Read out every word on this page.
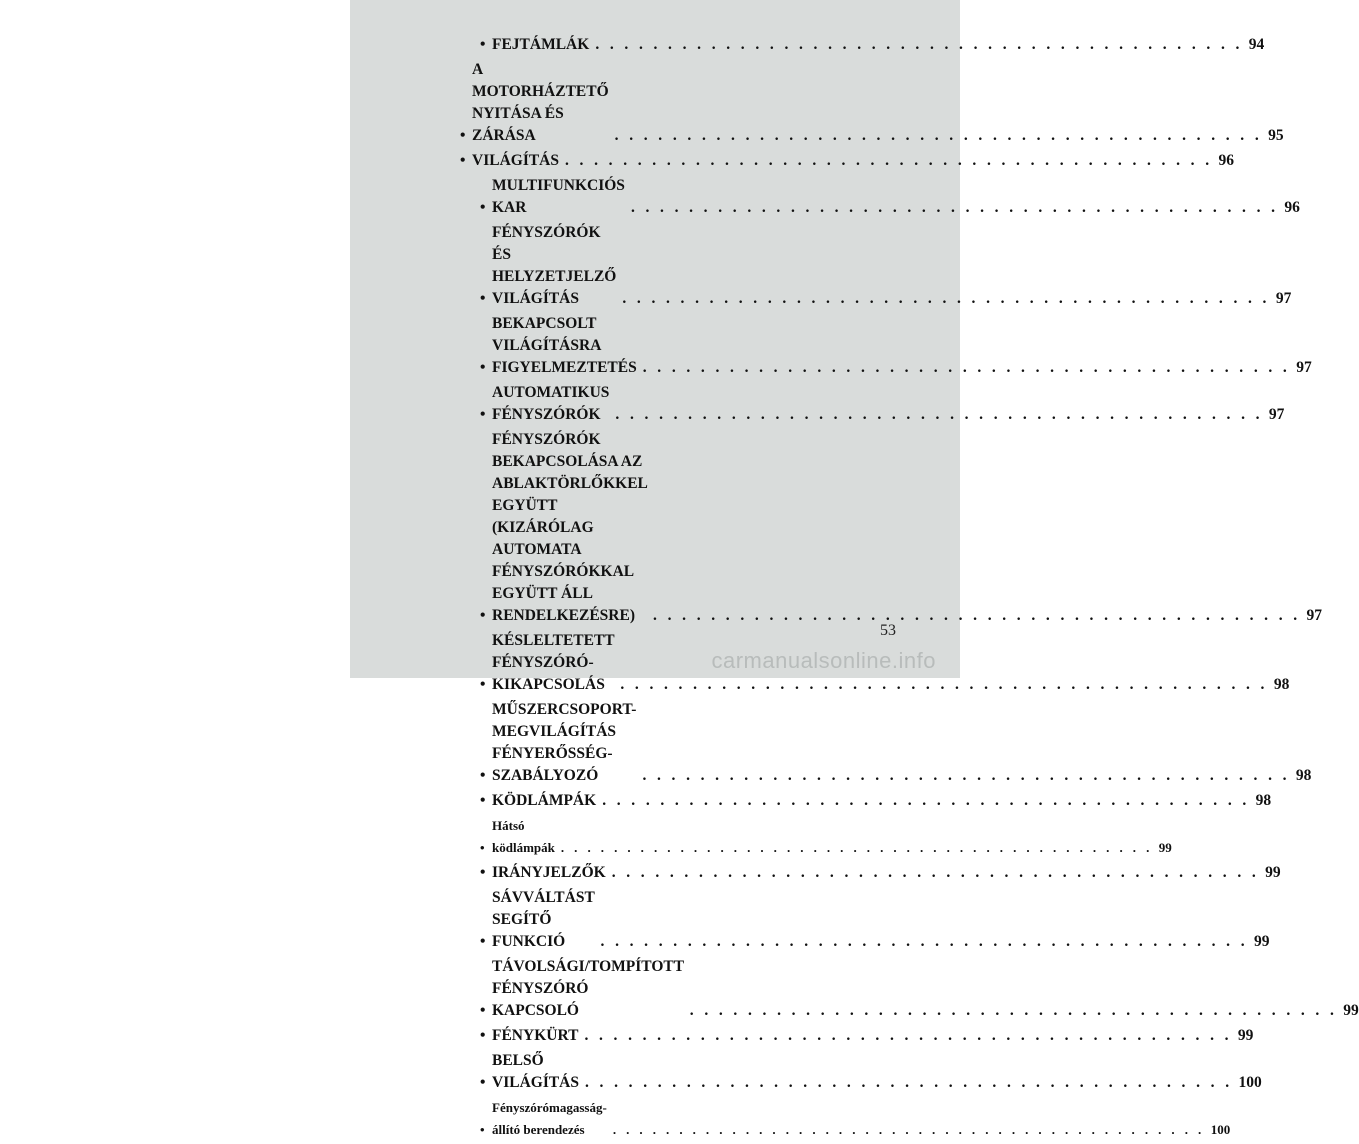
• FEJTÁMLÁK . . . . . . . . . . . . . . . . . . . . . . . . . . . . . . . . . . . . . . . . . . . . . 94
•
A MOTORHÁZTETŐ NYITÁSA ÉS ZÁRÁSA	. . . . . . . . . . . . . . . . . . . . . . . . . . . . . . . . . . . . . . . . . . . . . 95
• VILÁGÍTÁS . . . . . . . . . . . . . . . . . . . . . . . . . . . . . . . . . . . . . . . . . . . . . 96
•
MULTIFUNKCIÓS KAR	. . . . . . . . . . . . . . . . . . . . . . . . . . . . . . . . . . . . . . . . . . . . . 96
•
FÉNYSZÓRÓK ÉS HELYZETJELZŐ
VILÁGÍTÁS	. . . . . . . . . . . . . . . . . . . . . . . . . . . . . . . . . . . . . . . . . . . . . 97
•
BEKAPCSOLT VILÁGÍTÁSRA
FIGYELMEZTETÉS . . . . . . . . . . . . . . . . . . . . . . . . . . . . . . . . . . . . . . . . . . . . . 97
•
AUTOMATIKUS FÉNYSZÓRÓK . . . . . . . . . . . . . . . . . . . . . . . . . . . . . . . . . . . . . . . . . . . . . 97
•
FÉNYSZÓRÓK BEKAPCSOLÁSA AZ
ABLAKTÖRLŐKKEL EGYÜTT
(KIZÁRÓLAG AUTOMATA
FÉNYSZÓRÓKKAL EGYÜTT ÁLL
RENDELKEZÉSRE)	. . . . . . . . . . . . . . . . . . . . . . . . . . . . . . . . . . . . . . . . . . . . . 97
•
KÉSLELTETETT FÉNYSZÓRÓ-
KIKAPCSOLÁS	. . . . . . . . . . . . . . . . . . . . . . . . . . . . . . . . . . . . . . . . . . . . . 98
•
MŰSZERCSOPORT-MEGVILÁGÍTÁS
FÉNYERŐSSÉG-SZABÁLYOZÓ	. . . . . . . . . . . . . . . . . . . . . . . . . . . . . . . . . . . . . . . . . . . . . 98
• KÖDLÁMPÁK . . . . . . . . . . . . . . . . . . . . . . . . . . . . . . . . . . . . . . . . . . . . . 98
•
Hátsó ködlámpák . . . . . . . . . . . . . . . . . . . . . . . . . . . . . . . . . . . . . . . . . . . . . 99
• IRÁNYJELZŐK . . . . . . . . . . . . . . . . . . . . . . . . . . . . . . . . . . . . . . . . . . . . . 99
•
SÁVVÁLTÁST SEGÍTŐ FUNKCIÓ	. . . . . . . . . . . . . . . . . . . . . . . . . . . . . . . . . . . . . . . . . . . . . 99
•
TÁVOLSÁGI/TOMPÍTOTT FÉNYSZÓRÓ
KAPCSOLÓ	. . . . . . . . . . . . . . . . . . . . . . . . . . . . . . . . . . . . . . . . . . . . . 99
• FÉNYKÜRT . . . . . . . . . . . . . . . . . . . . . . . . . . . . . . . . . . . . . . . . . . . . . 99
•
BELSŐ VILÁGÍTÁS . . . . . . . . . . . . . . . . . . . . . . . . . . . . . . . . . . . . . . . . . . . . . 100
•
Fényszórómagasság-állító berendezés	. . . . . . . . . . . . . . . . . . . . . . . . . . . . . . . . . . . . . . . . . . . . . 100
53
carmanualsonline.info
